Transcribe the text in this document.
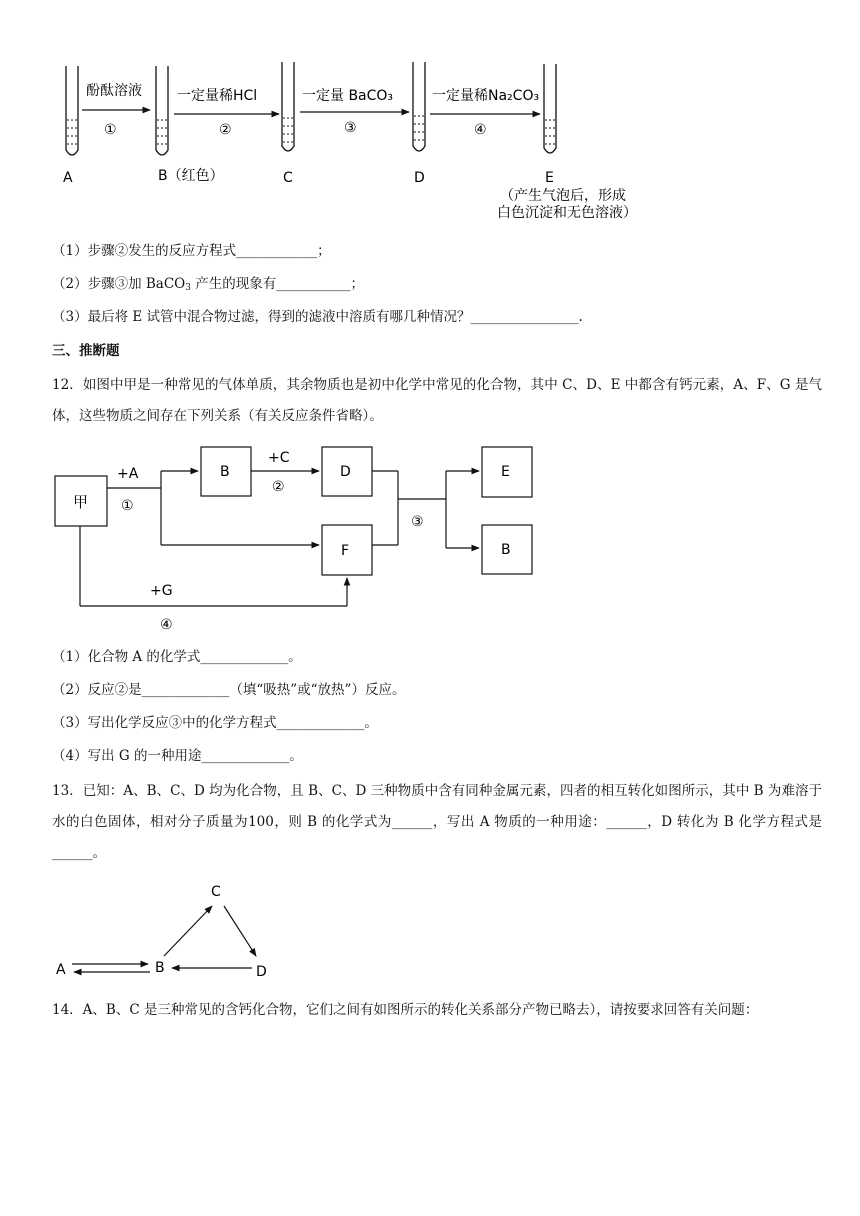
酚酞溶液
①
一定量稀HCl
②
一定量 BaCO₃
③
一定量稀Na₂CO₃
④
A	B（红色）	C	D	E
（产生气泡后，形成
白色沉淀和无色溶液）
（1）步骤②发生的反应方程式____________；
（2）步骤③加 BaCO$_3$ 产生的现象有___________；
（3）最后将 E 试管中混合物过滤，得到的滤液中溶质有哪几种情况？________________.
三、推断题
12．如图中甲是一种常见的气体单质，其余物质也是初中化学中常见的化合物，其中 C、D、E 中都含有钙元素，A、F、G 是气体，这些物质之间存在下列关系（有关反应条件省略）。
甲
B	D
F
E
B
+A
①
+C
②
③
+G
④
（1）化合物 A 的化学式_____________。
（2）反应②是_____________（填“吸热”或“放热”）反应。
（3）写出化学反应③中的化学方程式_____________。
（4）写出 G 的一种用途_____________。
13．已知：A、B、C、D 均为化合物，且 B、C、D 三种物质中含有同种金属元素，四者的相互转化如图所示，其中 B 为难溶于水的白色固体，相对分子质量为100，则 B 的化学式为______，写出 A 物质的一种用途：______，D 转化为 B 化学方程式是______。
A	B
C
D
14．A、B、C 是三种常见的含钙化合物，它们之间有如图所示的转化关系部分产物已略去），请按要求回答有关问题：
